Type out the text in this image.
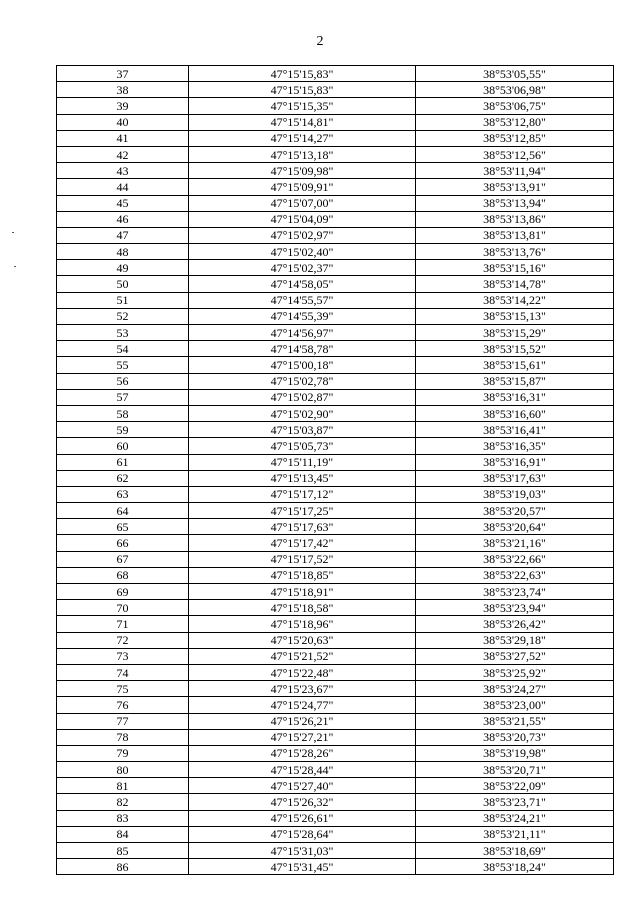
2
37	47°15'15,83"	38°53'05,55"
38	47°15'15,83"	38°53'06,98"
39	47°15'15,35"	38°53'06,75"
40	47°15'14,81"	38°53'12,80"
41	47°15'14,27"	38°53'12,85"
42	47°15'13,18"	38°53'12,56"
43	47°15'09,98"	38°53'11,94"
44	47°15'09,91"	38°53'13,91"
45	47°15'07,00"	38°53'13,94"
46	47°15'04,09"	38°53'13,86"
47	47°15'02,97"	38°53'13,81"
48	47°15'02,40"	38°53'13,76"
49	47°15'02,37"	38°53'15,16"
50	47°14'58,05"	38°53'14,78"
51	47°14'55,57"	38°53'14,22"
52	47°14'55,39"	38°53'15,13"
53	47°14'56,97"	38°53'15,29"
54	47°14'58,78"	38°53'15,52"
55	47°15'00,18"	38°53'15,61"
56	47°15'02,78"	38°53'15,87"
57	47°15'02,87"	38°53'16,31"
58	47°15'02,90"	38°53'16,60"
59	47°15'03,87"	38°53'16,41"
60	47°15'05,73"	38°53'16,35"
61	47°15'11,19"	38°53'16,91"
62	47°15'13,45"	38°53'17,63"
63	47°15'17,12"	38°53'19,03"
64	47°15'17,25"	38°53'20,57"
65	47°15'17,63"	38°53'20,64"
66	47°15'17,42"	38°53'21,16"
67	47°15'17,52"	38°53'22,66"
68	47°15'18,85"	38°53'22,63"
69	47°15'18,91"	38°53'23,74"
70	47°15'18,58"	38°53'23,94"
71	47°15'18,96"	38°53'26,42"
72	47°15'20,63"	38°53'29,18"
73	47°15'21,52"	38°53'27,52"
74	47°15'22,48"	38°53'25,92"
75	47°15'23,67"	38°53'24,27"
76	47°15'24,77"	38°53'23,00"
77	47°15'26,21"	38°53'21,55"
78	47°15'27,21"	38°53'20,73"
79	47°15'28,26"	38°53'19,98"
80	47°15'28,44"	38°53'20,71"
81	47°15'27,40"	38°53'22,09"
82	47°15'26,32"	38°53'23,71"
83	47°15'26,61"	38°53'24,21"
84	47°15'28,64"	38°53'21,11"
85	47°15'31,03"	38°53'18,69"
86	47°15'31,45"	38°53'18,24"
